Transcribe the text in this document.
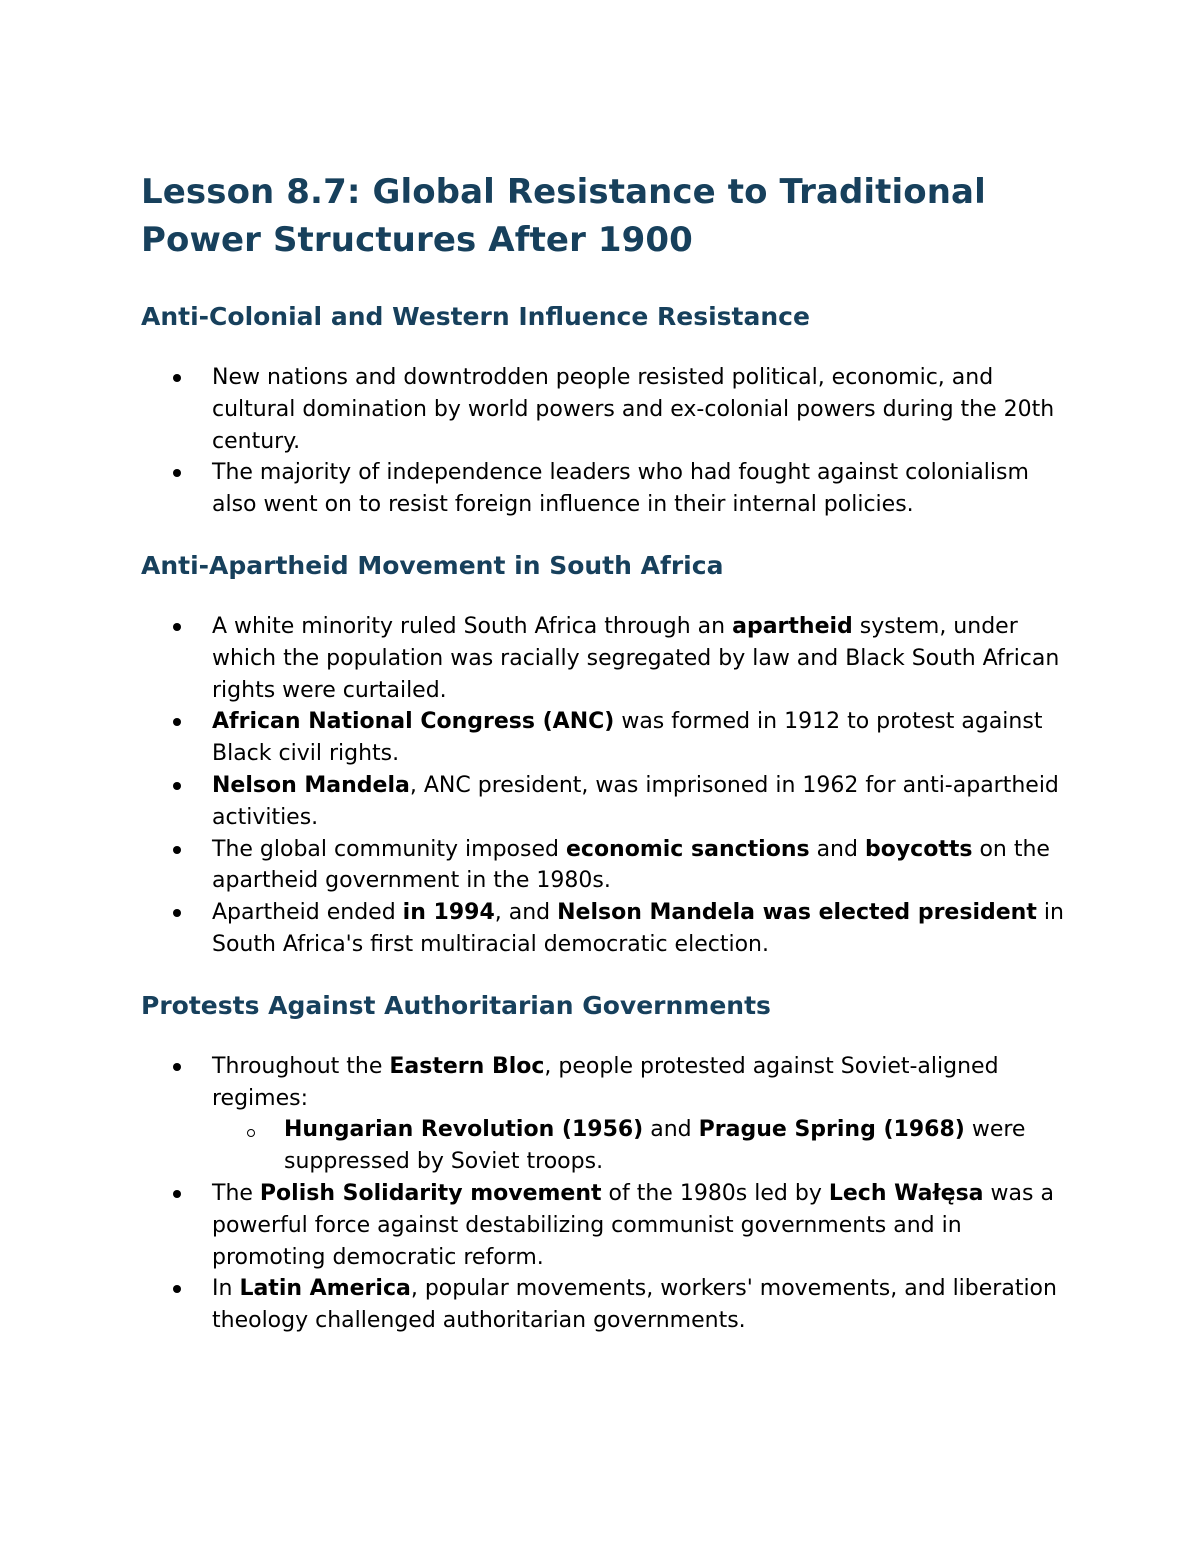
Lesson 8.7: Global Resistance to Traditional Power Structures After 1900
Anti-Colonial and Western Influence Resistance
New nations and downtrodden people resisted political, economic, and cultural domination by world powers and ex-colonial powers during the 20th century.
The majority of independence leaders who had fought against colonialism also went on to resist foreign influence in their internal policies.
Anti-Apartheid Movement in South Africa
A white minority ruled South Africa through an apartheid system, under which the population was racially segregated by law and Black South African rights were curtailed.
African National Congress (ANC) was formed in 1912 to protest against Black civil rights.
Nelson Mandela, ANC president, was imprisoned in 1962 for anti-apartheid activities.
The global community imposed economic sanctions and boycotts on the apartheid government in the 1980s.
Apartheid ended in 1994, and Nelson Mandela was elected president in South Africa's first multiracial democratic election.
Protests Against Authoritarian Governments
Throughout the Eastern Bloc, people protested against Soviet-aligned regimes:
Hungarian Revolution (1956) and Prague Spring (1968) were suppressed by Soviet troops.
The Polish Solidarity movement of the 1980s led by Lech Wałęsa was a powerful force against destabilizing communist governments and in promoting democratic reform.
In Latin America, popular movements, workers' movements, and liberation theology challenged authoritarian governments.
